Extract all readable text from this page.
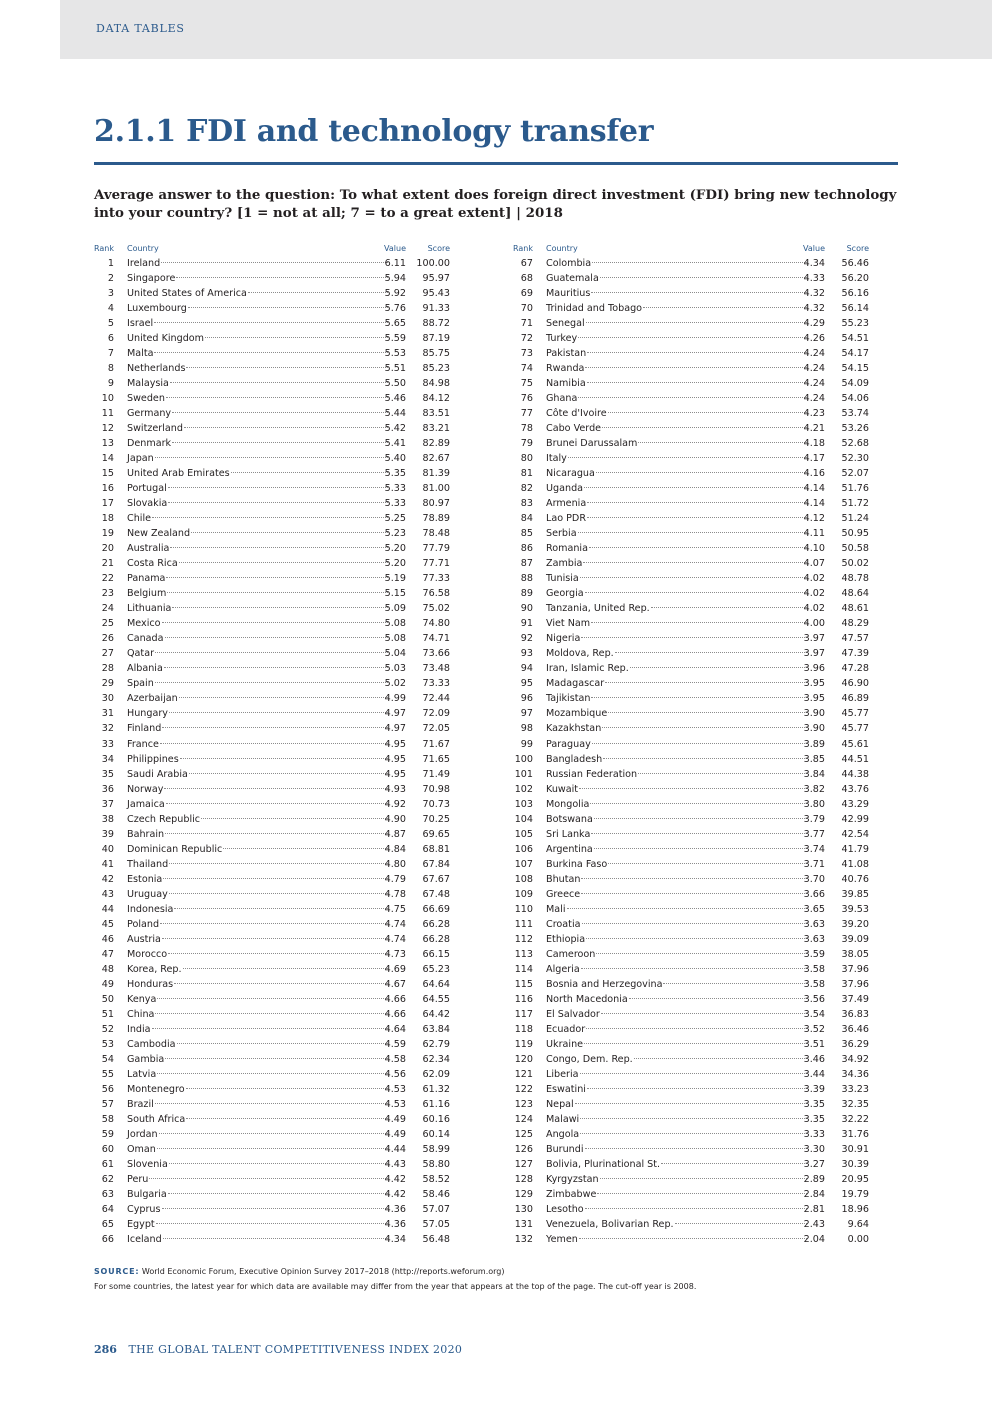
DATA TABLES
2.1.1 FDI and technology transfer

Average answer to the question: To what extent does foreign direct investment (FDI) bring new technology into your country? [1 = not at all; 7 = to a great extent] | 2018

Rank Country	Value	Score
1 Ireland	6.11	100.00
2 Singapore	5.94	95.97
3 United States of America	5.92	95.43
4 Luxembourg	5.76	91.33
5 Israel	5.65	88.72
6 United Kingdom	5.59	87.19
7 Malta	5.53	85.75
8 Netherlands	5.51	85.23
9 Malaysia	5.50	84.98
10 Sweden	5.46	84.12
11 Germany	5.44	83.51
12 Switzerland	5.42	83.21
13 Denmark	5.41	82.89
14 Japan	5.40	82.67
15 United Arab Emirates	5.35	81.39
16 Portugal	5.33	81.00
17 Slovakia	5.33	80.97
18 Chile	5.25	78.89
19 New Zealand	5.23	78.48
20 Australia	5.20	77.79
21 Costa Rica	5.20	77.71
22 Panama	5.19	77.33
23 Belgium	5.15	76.58
24 Lithuania	5.09	75.02
25 Mexico	5.08	74.80
26 Canada	5.08	74.71
27 Qatar	5.04	73.66
28 Albania	5.03	73.48
29 Spain	5.02	73.33
30 Azerbaijan	4.99	72.44
31 Hungary	4.97	72.09
32 Finland	4.97	72.05
33 France	4.95	71.67
34 Philippines	4.95	71.65
35 Saudi Arabia	4.95	71.49
36 Norway	4.93	70.98
37 Jamaica	4.92	70.73
38 Czech Republic	4.90	70.25
39 Bahrain	4.87	69.65
40 Dominican Republic	4.84	68.81
41 Thailand	4.80	67.84
42 Estonia	4.79	67.67
43 Uruguay	4.78	67.48
44 Indonesia	4.75	66.69
45 Poland	4.74	66.28
46 Austria	4.74	66.28
47 Morocco	4.73	66.15
48 Korea, Rep.	4.69	65.23
49 Honduras	4.67	64.64
50 Kenya	4.66	64.55
51 China	4.66	64.42
52 India	4.64	63.84
53 Cambodia	4.59	62.79
54 Gambia	4.58	62.34
55 Latvia	4.56	62.09
56 Montenegro	4.53	61.32
57 Brazil	4.53	61.16
58 South Africa	4.49	60.16
59 Jordan	4.49	60.14
60 Oman	4.44	58.99
61 Slovenia	4.43	58.80
62 Peru	4.42	58.52
63 Bulgaria	4.42	58.46
64 Cyprus	4.36	57.07
65 Egypt	4.36	57.05
66 Iceland	4.34	56.48
Rank Country	Value	Score
67 Colombia	4.34	56.46
68 Guatemala	4.33	56.20
69 Mauritius	4.32	56.16
70 Trinidad and Tobago	4.32	56.14
71 Senegal	4.29	55.23
72 Turkey	4.26	54.51
73 Pakistan	4.24	54.17
74 Rwanda	4.24	54.15
75 Namibia	4.24	54.09
76 Ghana	4.24	54.06
77 Côte d'Ivoire	4.23	53.74
78 Cabo Verde	4.21	53.26
79 Brunei Darussalam	4.18	52.68
80 Italy	4.17	52.30
81 Nicaragua	4.16	52.07
82 Uganda	4.14	51.76
83 Armenia	4.14	51.72
84 Lao PDR	4.12	51.24
85 Serbia	4.11	50.95
86 Romania	4.10	50.58
87 Zambia	4.07	50.02
88 Tunisia	4.02	48.78
89 Georgia	4.02	48.64
90 Tanzania, United Rep.	4.02	48.61
91 Viet Nam	4.00	48.29
92 Nigeria	3.97	47.57
93 Moldova, Rep.	3.97	47.39
94 Iran, Islamic Rep.	3.96	47.28
95 Madagascar	3.95	46.90
96 Tajikistan	3.95	46.89
97 Mozambique	3.90	45.77
98 Kazakhstan	3.90	45.77
99 Paraguay	3.89	45.61
100 Bangladesh	3.85	44.51
101 Russian Federation	3.84	44.38
102 Kuwait	3.82	43.76
103 Mongolia	3.80	43.29
104 Botswana	3.79	42.99
105 Sri Lanka	3.77	42.54
106 Argentina	3.74	41.79
107 Burkina Faso	3.71	41.08
108 Bhutan	3.70	40.76
109 Greece	3.66	39.85
110 Mali	3.65	39.53
111 Croatia	3.63	39.20
112 Ethiopia	3.63	39.09
113 Cameroon	3.59	38.05
114 Algeria	3.58	37.96
115 Bosnia and Herzegovina	3.58	37.96
116 North Macedonia	3.56	37.49
117 El Salvador	3.54	36.83
118 Ecuador	3.52	36.46
119 Ukraine	3.51	36.29
120 Congo, Dem. Rep.	3.46	34.92
121 Liberia	3.44	34.36
122 Eswatini	3.39	33.23
123 Nepal	3.35	32.35
124 Malawi	3.35	32.22
125 Angola	3.33	31.76
126 Burundi	3.30	30.91
127 Bolivia, Plurinational St.	3.27	30.39
128 Kyrgyzstan	2.89	20.95
129 Zimbabwe	2.84	19.79
130 Lesotho	2.81	18.96
131 Venezuela, Bolivarian Rep.	2.43	9.64
132 Yemen	2.04	0.00
SOURCE: World Economic Forum, Executive Opinion Survey 2017–2018 (http://reports.weforum.org)
For some countries, the latest year for which data are available may differ from the year that appears at the top of the page. The cut-off year is 2008.
286 THE GLOBAL TALENT COMPETITIVENESS INDEX 2020
